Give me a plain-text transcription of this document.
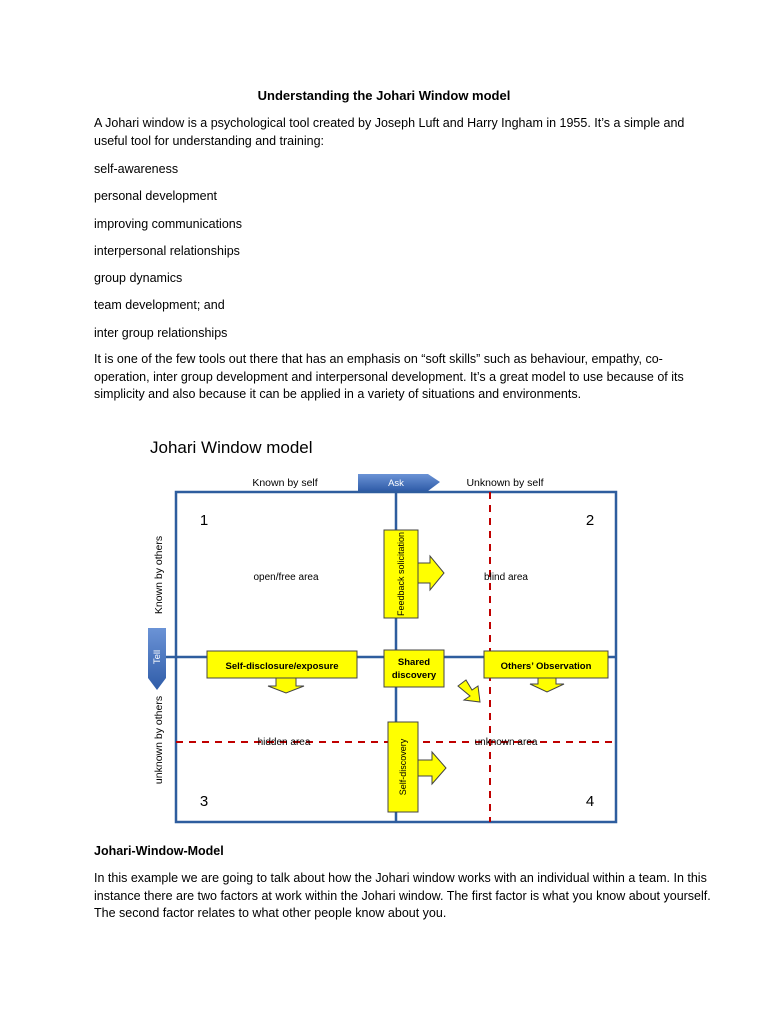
Understanding the Johari Window model
A Johari window is a psychological tool created by Joseph Luft and Harry Ingham in 1955. It’s a simple and useful tool for understanding and training:
self-awareness
personal development
improving communications
interpersonal relationships
group dynamics
team development; and
inter group relationships
It is one of the few tools out there that has an emphasis on “soft skills” such as behaviour, empathy, co-operation, inter group development and interpersonal development. It’s a great model to use because of its simplicity and also because it can be applied in a variety of situations and environments.
Johari Window model
Known by self	Unknown by self
Ask
1	2
3	4
open/free area	blind area
hidden area	unknown area
Known by others
unknown by others
Tell
Feedback solicitation
Self-disclosure/exposure	Shared
discovery
Others’ Observation
Self-discovery
Johari-Window-Model
In this example we are going to talk about how the Johari window works with an individual within a team. In this instance there are two factors at work within the Johari window. The first factor is what you know about yourself. The second factor relates to what other people know about you.
